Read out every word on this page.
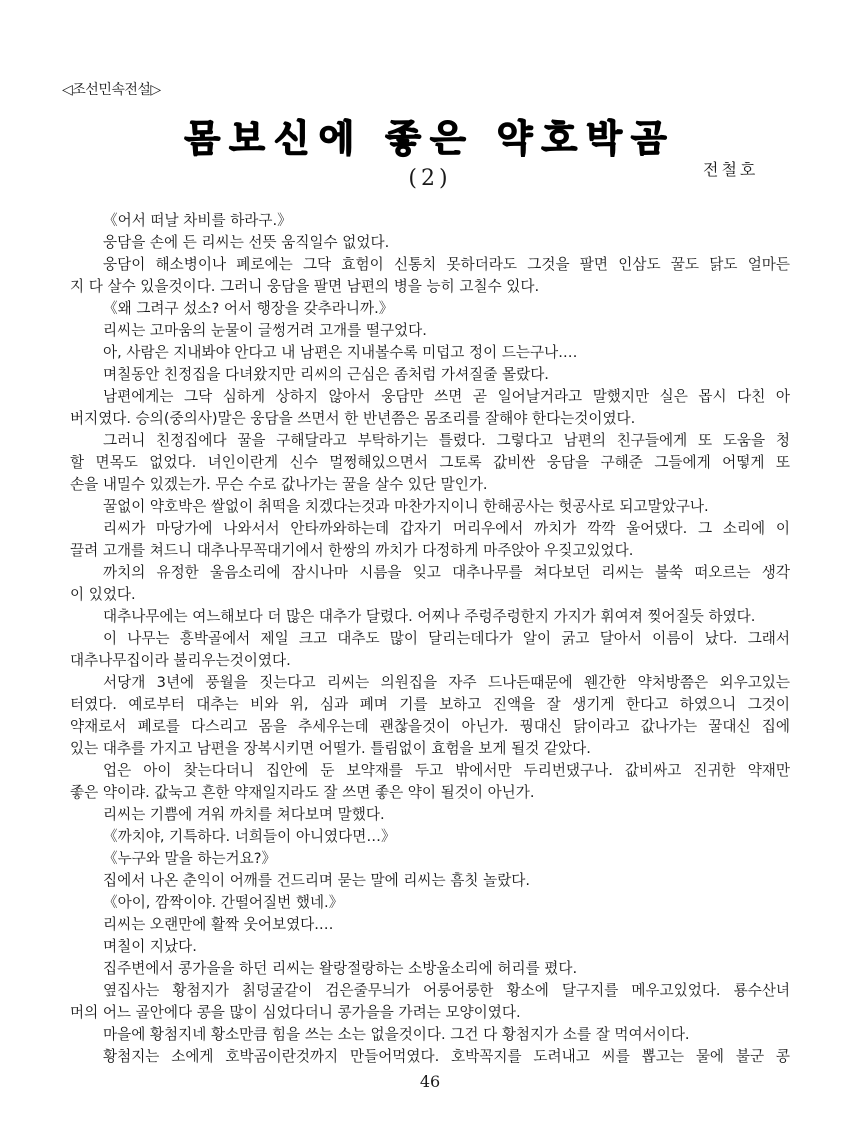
◁조선민속전설▷
몸보신에 좋은 약호박곰
(2)	전철호
《어서 떠날 차비를 하라구.》
웅담을 손에 든 리씨는 선뜻 움직일수 없었다.
웅담이 해소병이나 폐로에는 그닥 효험이 신통치 못하더라도 그것을 팔면 인삼도 꿀도 닭도 얼마든
지 다 살수 있을것이다. 그러니 웅담을 팔면 남편의 병을 능히 고칠수 있다.
《왜 그려구 섰소? 어서 행장을 갖추라니까.》
리씨는 고마움의 눈물이 글썽거려 고개를 떨구었다.
아, 사람은 지내봐야 안다고 내 남편은 지내볼수록 미덥고 정이 드는구나.…
며칠동안 친정집을 다녀왔지만 리씨의 근심은 좀처럼 가셔질줄 몰랐다.
남편에게는 그닥 심하게 상하지 않아서 웅담만 쓰면 곧 일어날거라고 말했지만 실은 몹시 다친 아
버지였다. 승의(중의사)말은 웅담을 쓰면서 한 반년쯤은 몸조리를 잘해야 한다는것이였다.
그러니 친정집에다 꿀을 구해달라고 부탁하기는 틀렸다. 그렇다고 남편의 친구들에게 또 도움을 청
할 면목도 없었다. 녀인이란게 신수 멀쩡해있으면서 그토록 값비싼 웅담을 구해준 그들에게 어떻게 또
손을 내밀수 있겠는가. 무슨 수로 값나가는 꿀을 살수 있단 말인가.
꿀없이 약호박은 쌀없이 취떡을 치겠다는것과 마찬가지이니 한해공사는 헛공사로 되고말았구나.
리씨가 마당가에 나와서서 안타까와하는데 갑자기 머리우에서 까치가 깍깍 울어댔다. 그 소리에 이
끌려 고개를 쳐드니 대추나무꼭대기에서 한쌍의 까치가 다정하게 마주앉아 우짖고있었다.
까치의 유정한 울음소리에 잠시나마 시름을 잊고 대추나무를 쳐다보던 리씨는 불쑥 떠오르는 생각
이 있었다.
대추나무에는 여느해보다 더 많은 대추가 달렸다. 어찌나 주렁주렁한지 가지가 휘여져 찢어질듯 하였다.
이 나무는 흥박골에서 제일 크고 대추도 많이 달리는데다가 알이 굵고 달아서 이름이 났다. 그래서
대추나무집이라 불리우는것이였다.
서당개 3년에 풍월을 짓는다고 리씨는 의원집을 자주 드나든때문에 웬간한 약처방쯤은 외우고있는
터였다. 예로부터 대추는 비와 위, 심과 폐며 기를 보하고 진액을 잘 생기게 한다고 하였으니 그것이
약재로서 폐로를 다스리고 몸을 추세우는데 괜찮을것이 아닌가. 꿩대신 닭이라고 값나가는 꿀대신 집에
있는 대추를 가지고 남편을 장복시키면 어떨가. 틀림없이 효험을 보게 될것 같았다.
업은 아이 찾는다더니 집안에 둔 보약재를 두고 밖에서만 두리번댔구나. 값비싸고 진귀한 약재만
좋은 약이랴. 값눅고 흔한 약재일지라도 잘 쓰면 좋은 약이 될것이 아닌가.
리씨는 기쁨에 겨워 까치를 쳐다보며 말했다.
《까치야, 기특하다. 너희들이 아니였다면…》
《누구와 말을 하는거요?》
집에서 나온 춘익이 어깨를 건드리며 묻는 말에 리씨는 흠칫 놀랐다.
《아이, 깜짝이야. 간떨어질번 했네.》
리씨는 오랜만에 활짝 웃어보였다.…
며칠이 지났다.
집주변에서 콩가을을 하던 리씨는 왈랑절랑하는 소방울소리에 허리를 폈다.
옆집사는 황첨지가 칡덩굴같이 검은줄무늬가 어룽어룽한 황소에 달구지를 메우고있었다. 룡수산녀
머의 어느 골안에다 콩을 많이 심었다더니 콩가을을 가려는 모양이였다.
마을에 황첨지네 황소만큼 힘을 쓰는 소는 없을것이다. 그건 다 황첨지가 소를 잘 먹여서이다.
황첨지는 소에게 호박곰이란것까지 만들어먹였다. 호박꼭지를 도려내고 씨를 뽑고는 물에 불군 콩
46
